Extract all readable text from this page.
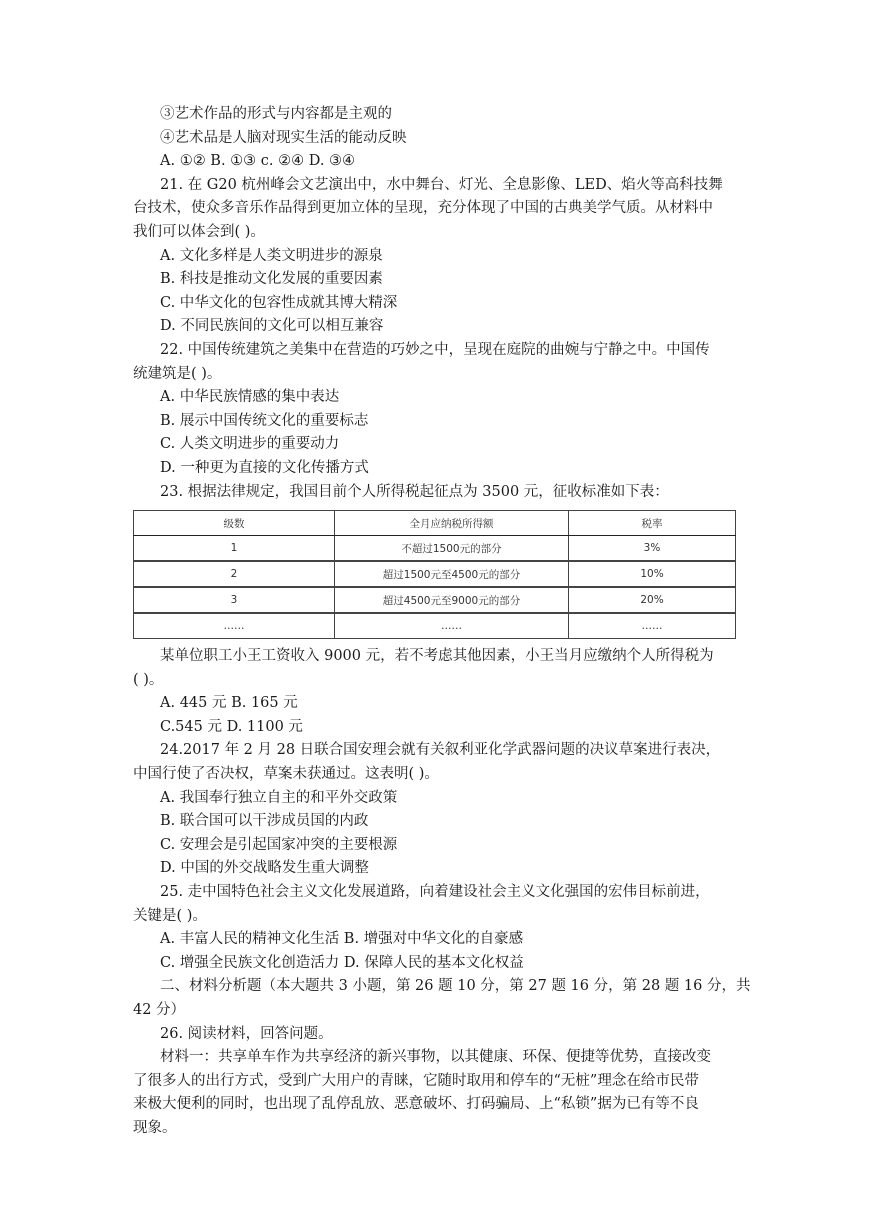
③艺术作品的形式与内容都是主观的
④艺术品是人脑对现实生活的能动反映
A. ①② B. ①③ c. ②④ D. ③④
21. 在 G20 杭州峰会文艺演出中，水中舞台、灯光、全息影像、LED、焰火等高科技舞
台技术，使众多音乐作品得到更加立体的呈现，充分体现了中国的古典美学气质。从材料中
我们可以体会到( )。
A. 文化多样是人类文明进步的源泉
B. 科技是推动文化发展的重要因素
C. 中华文化的包容性成就其博大精深
D. 不同民族间的文化可以相互兼容
22. 中国传统建筑之美集中在营造的巧妙之中，呈现在庭院的曲婉与宁静之中。中国传
统建筑是( )。
A. 中华民族情感的集中表达
B. 展示中国传统文化的重要标志
C. 人类文明进步的重要动力
D. 一种更为直接的文化传播方式
23. 根据法律规定，我国目前个人所得税起征点为 3500 元，征收标准如下表：
级数	全月应纳税所得额	税率
1	不超过1500元的部分	3%
2	超过1500元至4500元的部分	10%
3	超过4500元至9000元的部分	20%
……	……	……
某单位职工小王工资收入 9000 元，若不考虑其他因素，小王当月应缴纳个人所得税为
( )。
A. 445 元 B. 165 元
C.545 元 D. 1100 元
24.2017 年 2 月 28 日联合国安理会就有关叙利亚化学武器问题的决议草案进行表决，
中国行使了否决权，草案未获通过。这表明( )。
A. 我国奉行独立自主的和平外交政策
B. 联合国可以干涉成员国的内政
C. 安理会是引起国家冲突的主要根源
D. 中国的外交战略发生重大调整
25. 走中国特色社会主义文化发展道路，向着建设社会主义文化强国的宏伟目标前进，
关键是( )。
A. 丰富人民的精神文化生活 B. 增强对中华文化的自豪感
C. 增强全民族文化创造活力 D. 保障人民的基本文化权益
二、材料分析题（本大题共 3 小题，第 26 题 10 分，第 27 题 16 分，第 28 题 16 分，共
42 分）
26. 阅读材料，回答问题。
材料一：共享单车作为共享经济的新兴事物，以其健康、环保、便捷等优势，直接改变
了很多人的出行方式，受到广大用户的青睐，它随时取用和停车的“无桩”理念在给市民带
来极大便利的同时，也出现了乱停乱放、恶意破坏、打码骗局、上“私锁”据为已有等不良
现象。
